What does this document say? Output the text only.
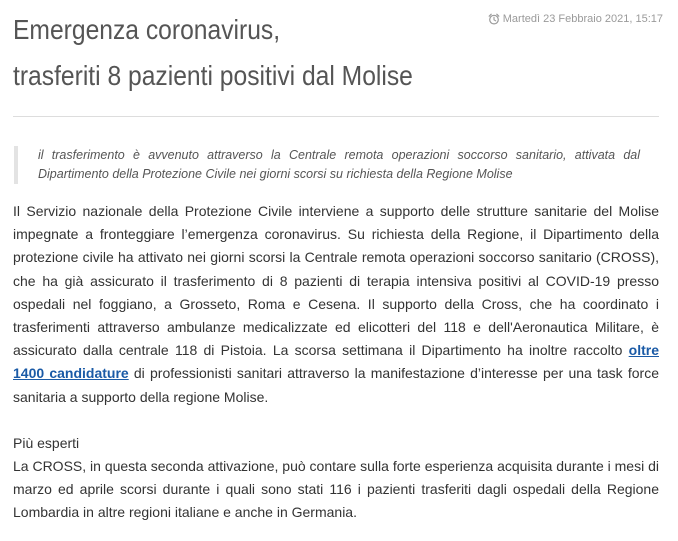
Emergenza coronavirus,
trasferiti 8 pazienti positivi dal Molise
Martedì 23 Febbraio 2021, 15:17
il trasferimento è avvenuto attraverso la Centrale remota operazioni soccorso sanitario, attivata dal Dipartimento della Protezione Civile nei giorni scorsi su richiesta della Regione Molise

Il Servizio nazionale della Protezione Civile interviene a supporto delle strutture sanitarie del Molise impegnate a fronteggiare l’emergenza coronavirus. Su richiesta della Regione, il Dipartimento della protezione civile ha attivato nei giorni scorsi la Centrale remota operazioni soccorso sanitario (CROSS), che ha già assicurato il trasferimento di 8 pazienti di terapia intensiva positivi al COVID-19 presso ospedali nel foggiano, a Grosseto, Roma e Cesena. Il supporto della Cross, che ha coordinato i trasferimenti attraverso ambulanze medicalizzate ed elicotteri del 118 e dell'Aeronautica Militare, è assicurato dalla centrale 118 di Pistoia. La scorsa settimana il Dipartimento ha inoltre raccolto oltre 1400 candidature di professionisti sanitari attraverso la manifestazione d’interesse per una task force sanitaria a supporto della regione Molise.

Più esperti

La CROSS, in questa seconda attivazione, può contare sulla forte esperienza acquisita durante i mesi di marzo ed aprile scorsi durante i quali sono stati 116 i pazienti trasferiti dagli ospedali della Regione Lombardia in altre regioni italiane e anche in Germania.
